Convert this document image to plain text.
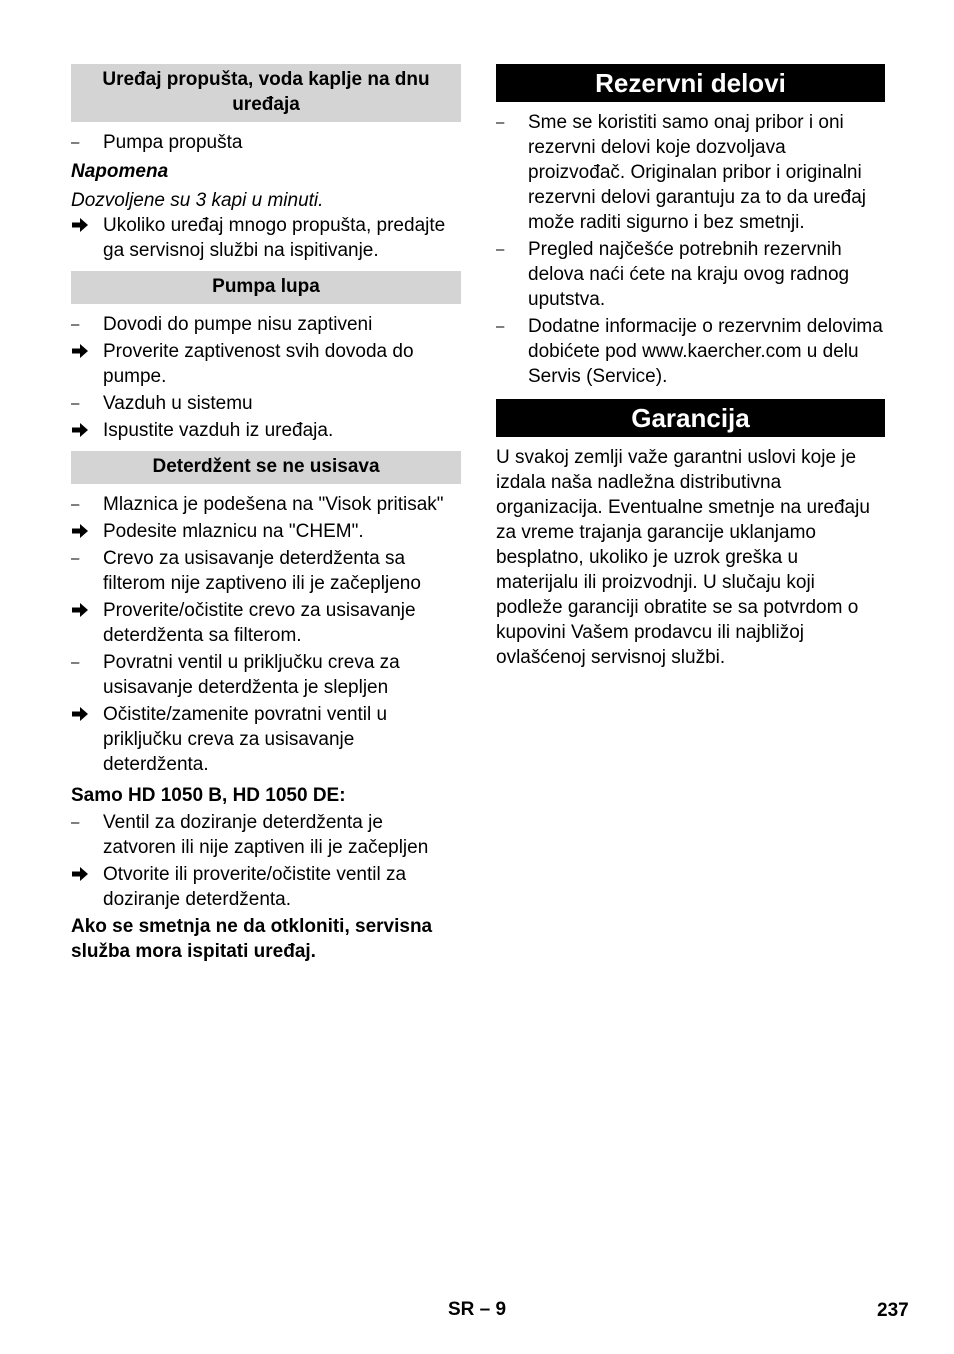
Uređaj propušta, voda kaplje na dnu uređaja
–	Pumpa propušta
Napomena
Dozvoljene su 3 kapi u minuti.
Ukoliko uređaj mnogo propušta, predajte ga servisnoj službi na ispitivanje.
Pumpa lupa
–	Dovodi do pumpe nisu zaptiveni
Proverite zaptivenost svih dovoda do pumpe.
–	Vazduh u sistemu
Ispustite vazduh iz uređaja.
Deterdžent se ne usisava
–	Mlaznica je podešena na "Visok pritisak"
Podesite mlaznicu na "CHEM".
–	Crevo za usisavanje deterdženta sa filterom nije zaptiveno ili je začepljeno
Proverite/očistite crevo za usisavanje deterdženta sa filterom.
–	Povratni ventil u priključku creva za usisavanje deterdženta je slepljen
Očistite/zamenite povratni ventil u priključku creva za usisavanje deterdženta.
Samo HD 1050 B, HD 1050 DE:
–	Ventil za doziranje deterdženta je zatvoren ili nije zaptiven ili je začepljen
Otvorite ili proverite/očistite ventil za doziranje deterdženta.
Ako se smetnja ne da otkloniti, servisna služba mora ispitati uređaj.
Rezervni delovi
–	Sme se koristiti samo onaj pribor i oni rezervni delovi koje dozvoljava proizvođač. Originalan pribor i originalni rezervni delovi garantuju za to da uređaj može raditi sigurno i bez smetnji.
–	Pregled najčešće potrebnih rezervnih delova naći ćete na kraju ovog radnog uputstva.
–	Dodatne informacije o rezervnim delovima dobićete pod www.kaercher.com u delu Servis (Service).
Garancija
U svakoj zemlji važe garantni uslovi koje je izdala naša nadležna distributivna organizacija. Eventualne smetnje na uređaju za vreme trajanja garancije uklanjamo besplatno, ukoliko je uzrok greška u materijalu ili proizvodnji. U slučaju koji podleže garanciji obratite se sa potvrdom o kupovini Vašem prodavcu ili najbližoj ovlašćenoj servisnoj službi.
SR – 9	237
